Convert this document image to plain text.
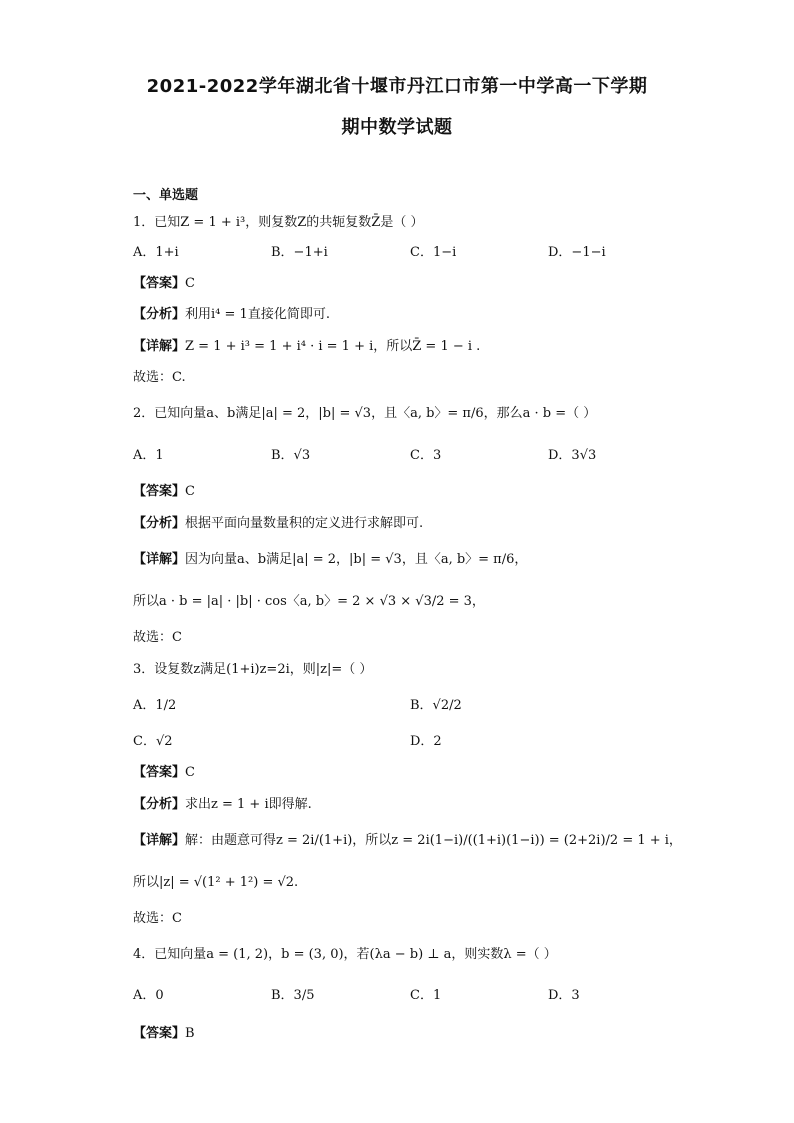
2021-2022学年湖北省十堰市丹江口市第一中学高一下学期
期中数学试题
一、单选题
1．已知Z = 1 + i³，则复数Z的共轭复数Z̄是（ ）
A．1+i	B．−1+i	C．1−i	D．−1−i
【答案】C
【分析】利用i⁴ = 1直接化简即可.
【详解】Z = 1 + i³ = 1 + i⁴ · i = 1 + i，所以Z̄ = 1 − i .
故选：C.
2．已知向量a、b满足|a| = 2，|b| = √3，且〈a, b〉= π/6，那么a · b =（ ）
A．1	B．√3	C．3	D．3√3
【答案】C
【分析】根据平面向量数量积的定义进行求解即可.
【详解】因为向量a、b满足|a| = 2，|b| = √3，且〈a, b〉= π/6，
所以a · b = |a| · |b| · cos〈a, b〉= 2 × √3 × √3/2 = 3，
故选：C
3．设复数z满足(1+i)z=2i，则|z|=（ ）
A．1/2	B．√2/2
C．√2	D．2
【答案】C
【分析】求出z = 1 + i即得解.
【详解】解：由题意可得z = 2i/(1+i)，所以z = 2i(1−i)/((1+i)(1−i)) = (2+2i)/2 = 1 + i，
所以|z| = √(1² + 1²) = √2.
故选：C
4．已知向量a = (1, 2)，b = (3, 0)，若(λa − b) ⊥ a，则实数λ =（ ）
A．0	B．3/5	C．1	D．3
【答案】B
